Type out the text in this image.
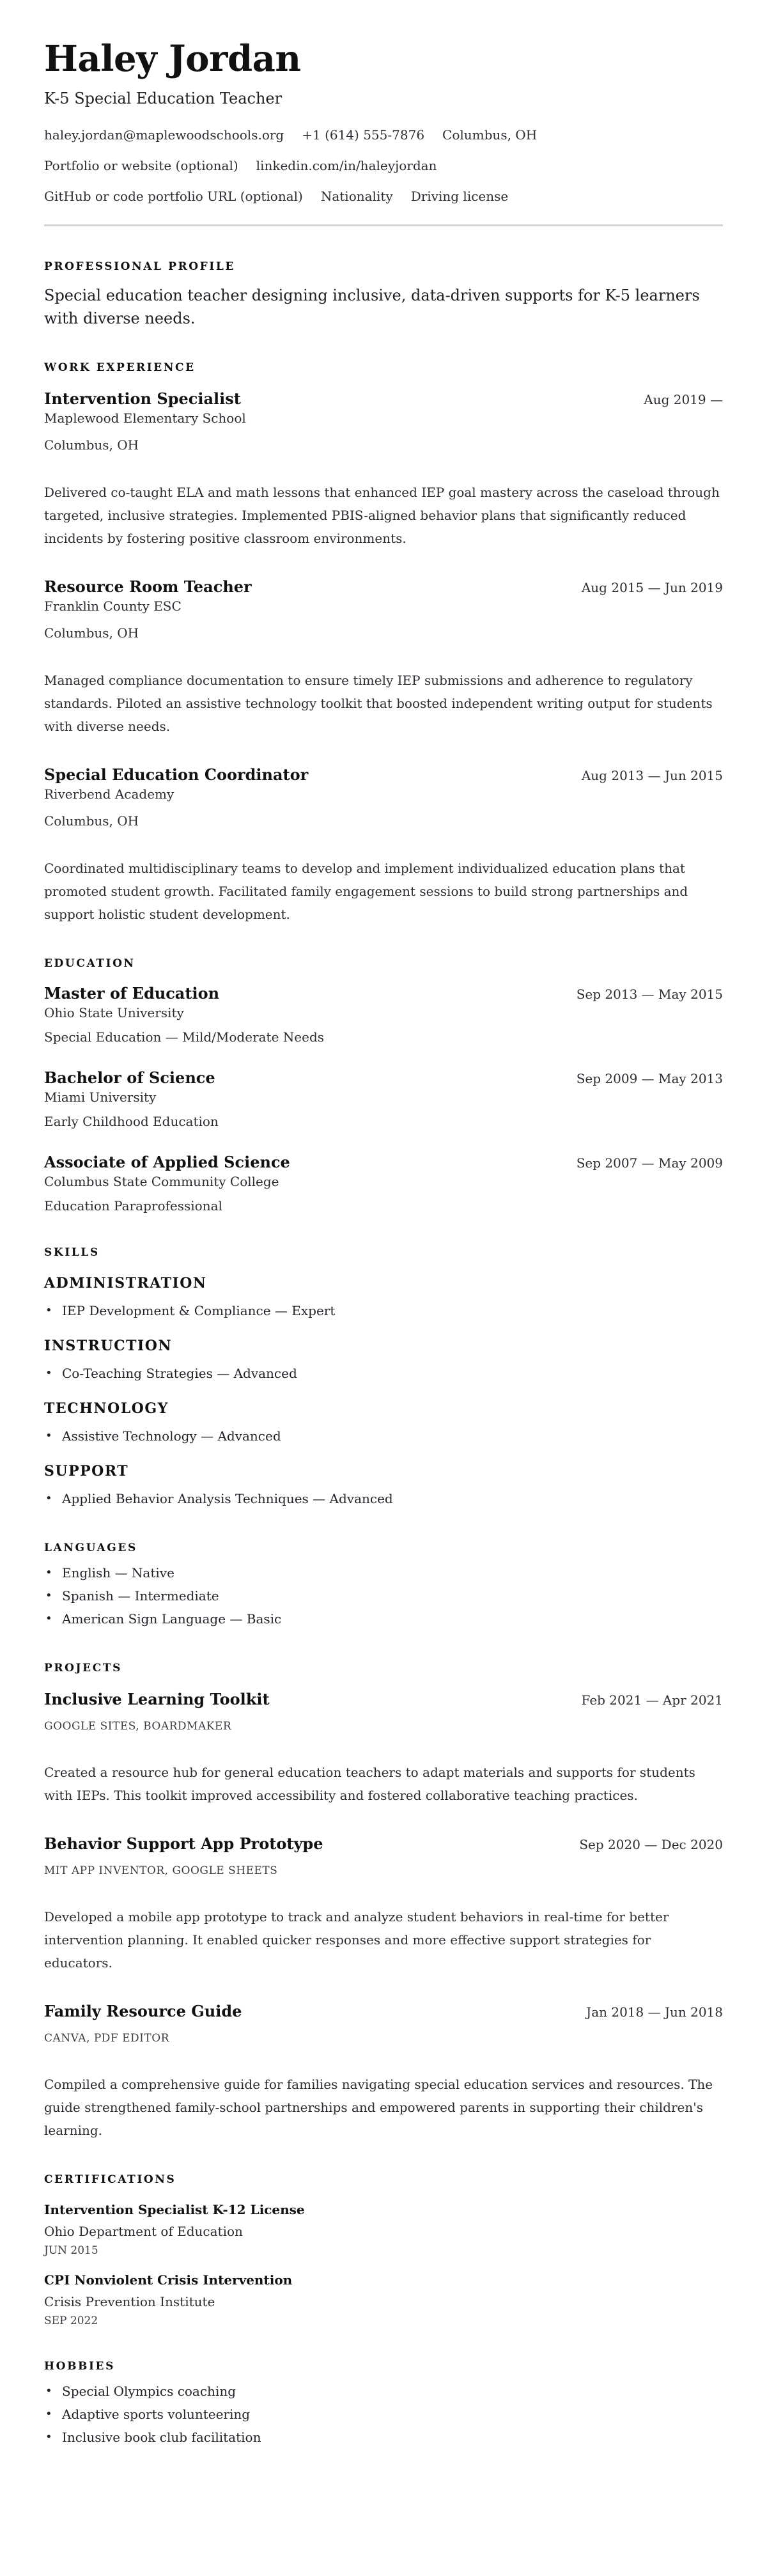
Haley Jordan
K-5 Special Education Teacher
haley.jordan@maplewoodschools.org +1 (614) 555-7876 Columbus, OH
Portfolio or website (optional) linkedin.com/in/haleyjordan
GitHub or code portfolio URL (optional) Nationality Driving license
PROFESSIONAL PROFILE

Special education teacher designing inclusive, data-driven supports for K-5 learners with diverse needs.

WORK EXPERIENCE
Intervention Specialist	Aug 2019 —
Maplewood Elementary School
Columbus, OH

Delivered co-taught ELA and math lessons that enhanced IEP goal mastery across the caseload through targeted, inclusive strategies. Implemented PBIS-aligned behavior plans that significantly reduced incidents by fostering positive classroom environments.

Resource Room Teacher	Aug 2015 — Jun 2019
Franklin County ESC
Columbus, OH

Managed compliance documentation to ensure timely IEP submissions and adherence to regulatory standards. Piloted an assistive technology toolkit that boosted independent writing output for students with diverse needs.

Special Education Coordinator	Aug 2013 — Jun 2015
Riverbend Academy
Columbus, OH

Coordinated multidisciplinary teams to develop and implement individualized education plans that promoted student growth. Facilitated family engagement sessions to build strong partnerships and support holistic student development.

EDUCATION
Master of Education	Sep 2013 — May 2015
Ohio State University
Special Education — Mild/Moderate Needs
Bachelor of Science	Sep 2009 — May 2013
Miami University
Early Childhood Education
Associate of Applied Science	Sep 2007 — May 2009
Columbus State Community College
Education Paraprofessional
SKILLS
ADMINISTRATION
• IEP Development & Compliance — Expert
INSTRUCTION
• Co-Teaching Strategies — Advanced
TECHNOLOGY
• Assistive Technology — Advanced
SUPPORT
• Applied Behavior Analysis Techniques — Advanced
LANGUAGES
• English — Native
• Spanish — Intermediate
• American Sign Language — Basic
PROJECTS
Inclusive Learning Toolkit	Feb 2021 — Apr 2021
GOOGLE SITES, BOARDMAKER

Created a resource hub for general education teachers to adapt materials and supports for students with IEPs. This toolkit improved accessibility and fostered collaborative teaching practices.

Behavior Support App Prototype	Sep 2020 — Dec 2020
MIT APP INVENTOR, GOOGLE SHEETS

Developed a mobile app prototype to track and analyze student behaviors in real-time for better intervention planning. It enabled quicker responses and more effective support strategies for educators.

Family Resource Guide	Jan 2018 — Jun 2018
CANVA, PDF EDITOR

Compiled a comprehensive guide for families navigating special education services and resources. The guide strengthened family-school partnerships and empowered parents in supporting their children's learning.

CERTIFICATIONS
Intervention Specialist K-12 License
Ohio Department of Education
JUN 2015
CPI Nonviolent Crisis Intervention
Crisis Prevention Institute
SEP 2022
HOBBIES
• Special Olympics coaching
• Adaptive sports volunteering
• Inclusive book club facilitation
